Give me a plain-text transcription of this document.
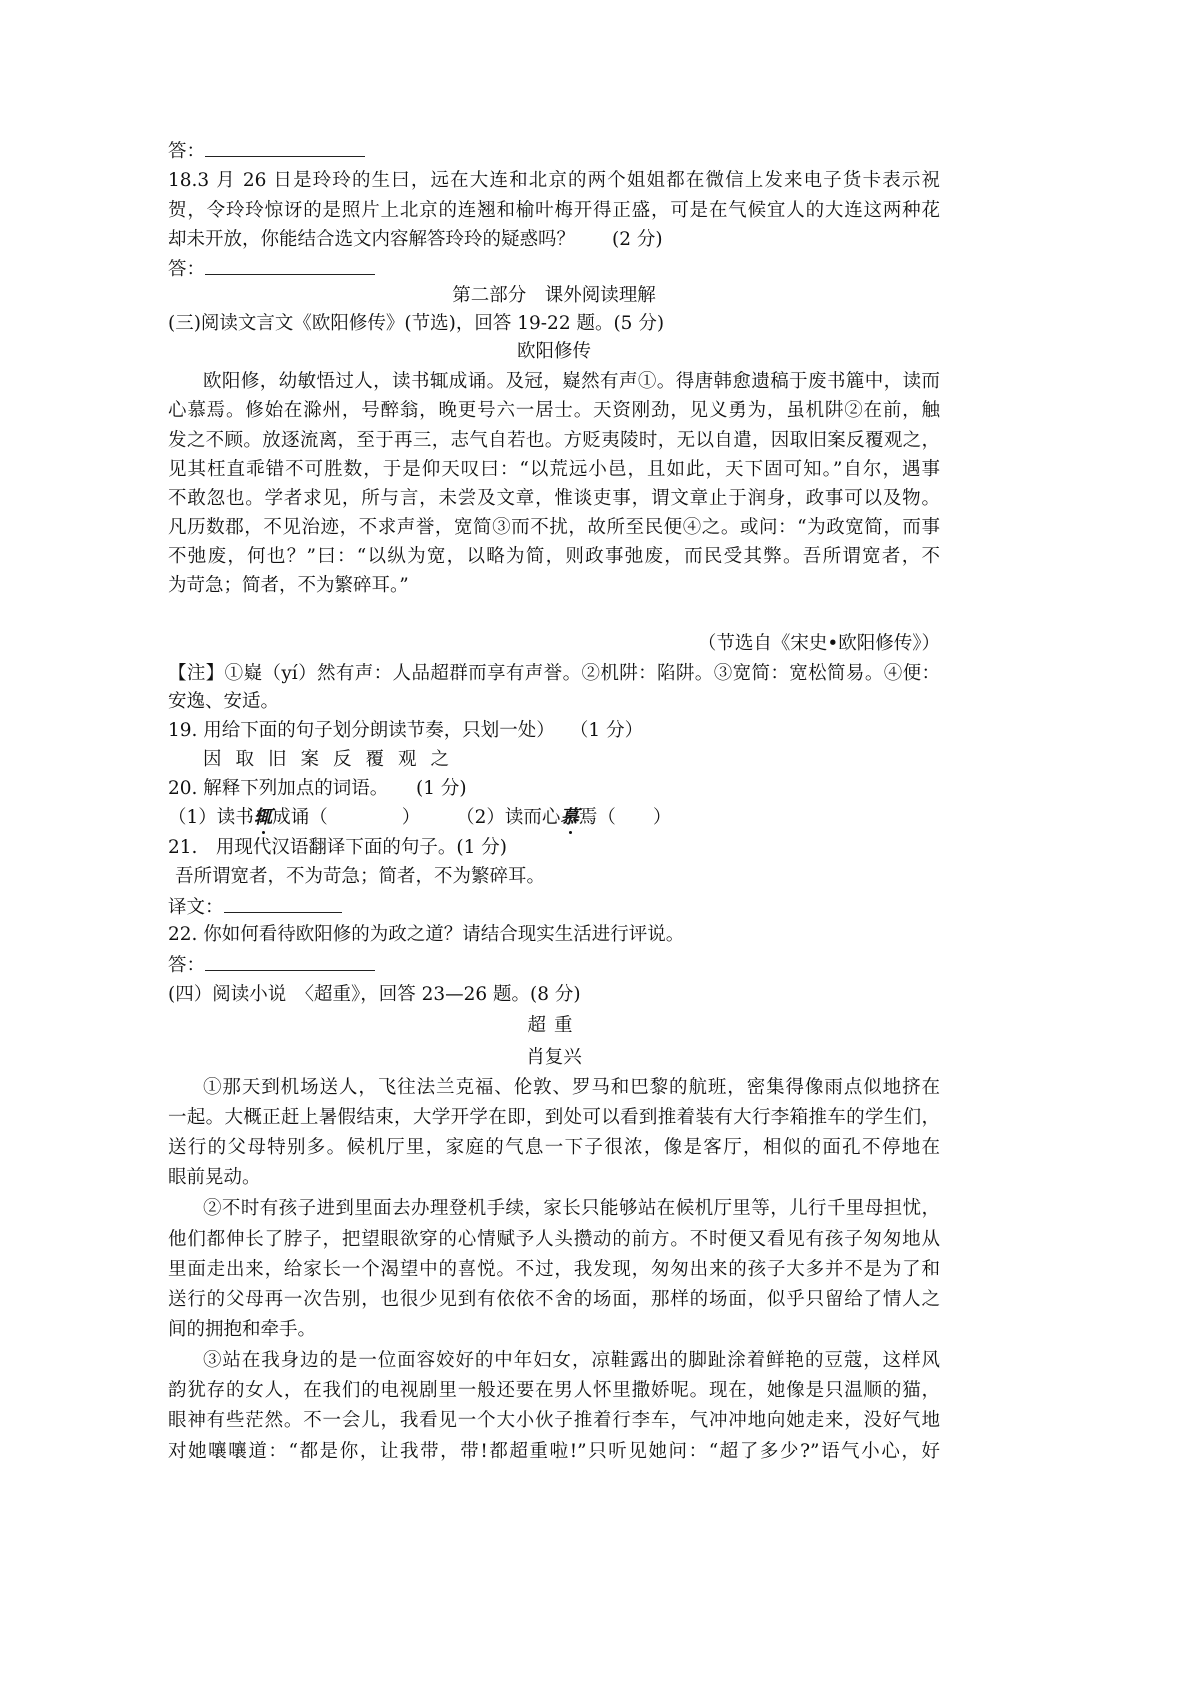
答：
18.3 月 26 日是玲玲的生曰，远在大连和北京的两个姐姐都在微信上发来电子货卡表示祝
贺，令玲玲惊讶的是照片上北京的连翘和榆叶梅开得正盛，可是在气候宜人的大连这两种花
却未开放，你能结合选文内容解答玲玲的疑惑吗？　　(2 分)
答：
第二部分　课外阅读理解
(三)阅读文言文《欧阳修传》(节选)，回答 19-22 题。(5 分)
欧阳修传
欧阳修，幼敏悟过人，读书辄成诵。及冠，嶷然有声①。得唐韩愈遗稿于废书簏中，读而
心慕焉。修始在滁州，号醉翁，晚更号六一居士。天资刚劲，见义勇为，虽机阱②在前，触
发之不顾。放逐流离，至于再三，志气自若也。方贬夷陵时，无以自遣，因取旧案反覆观之，
见其枉直乖错不可胜数，于是仰天叹曰：“以荒远小邑，且如此，天下固可知。”自尔，遇事
不敢忽也。学者求见，所与言，未尝及文章，惟谈吏事，谓文章止于润身，政事可以及物。
凡历数郡，不见治迹，不求声誉，宽简③而不扰，故所至民便④之。或问：“为政宽简，而事
不弛废，何也？”曰：“以纵为宽，以略为简，则政事弛废，而民受其弊。吾所谓宽者，不
为苛急；简者，不为繁碎耳。”
（节选自《宋史•欧阳修传》）
【注】①嶷（yí）然有声：人品超群而享有声誉。②机阱：陷阱。③宽简：宽松简易。④便：
安逸、安适。
19. 用给下面的句子划分朗读节奏，只划一处）　 （1 分）
因取旧案反覆观之
20. 解释下列加点的词语。　　(1 分)
（1）读书辄成诵（　　　　） （2）读而心慕焉（　　）
21.　用现代汉语翻译下面的句子。(1 分)
吾所谓宽者，不为苛急；简者，不为繁碎耳。
译文：
22. 你如何看待欧阳修的为政之道？请结合现实生活进行评说。
答：
(四）阅读小说　〈超重》，回答 23—26 题。(8 分)
超重
肖复兴
①那天到机场送人，飞往法兰克福、伦敦、罗马和巴黎的航班，密集得像雨点似地挤在
一起。大概正赶上暑假结束，大学开学在即，到处可以看到推着装有大行李箱推车的学生们，
送行的父母特别多。候机厅里，家庭的气息一下子很浓，像是客厅，相似的面孔不停地在
眼前晃动。
②不时有孩子进到里面去办理登机手续，家长只能够站在候机厅里等，儿行千里母担忧，
他们都伸长了脖子，把望眼欲穿的心情赋予人头攒动的前方。不时便又看见有孩子匆匆地从
里面走出来，给家长一个渴望中的喜悦。不过，我发现，匆匆出来的孩子大多并不是为了和
送行的父母再一次告别，也很少见到有依依不舍的场面，那样的场面，似乎只留给了情人之
间的拥抱和牵手。
③站在我身边的是一位面容姣好的中年妇女，凉鞋露出的脚趾涂着鲜艳的豆蔻，这样风
韵犹存的女人，在我们的电视剧里一般还要在男人怀里撒娇呢。现在，她像是只温顺的猫，
眼神有些茫然。不一会儿，我看见一个大小伙子推着行李车，气冲冲地向她走来，没好气地
对她嚷嚷道：“都是你，让我带，带!都超重啦!”只听见她问：“超了多少?”语气小心，好
